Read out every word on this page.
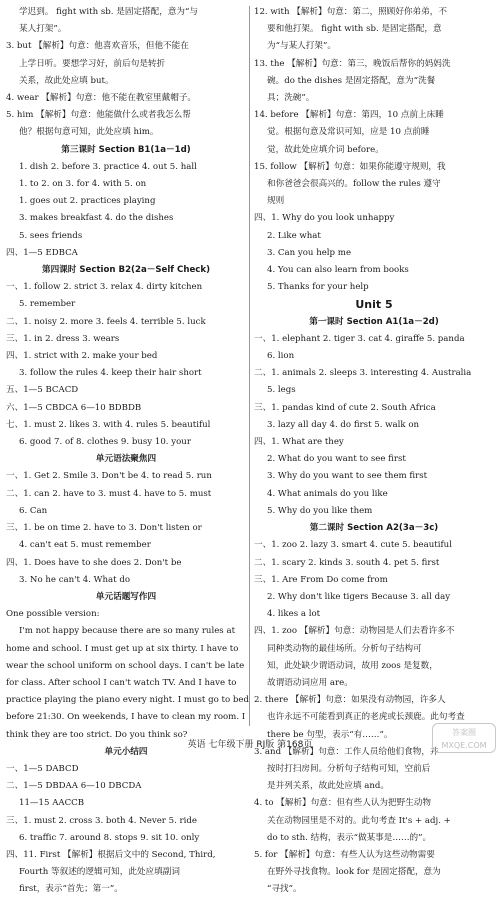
学迟到。 fight with sb. 是固定搭配，意为“与
某人打架”。
3. but 【解析】句意：他喜欢音乐，但他不能在
上学日听。要想学习好，前后句是转折
关系，故此处应填 but。
4. wear 【解析】句意：他不能在教室里戴帽子。
5. him 【解析】句意：他能做什么或者我怎么帮
他？根据句意可知，此处应填 him。
第三课时 Section B1(1a－1d)
1. dish 2. before 3. practice 4. out 5. hall
1. to 2. on 3. for 4. with 5. on
1. goes out 2. practices playing
3. makes breakfast 4. do the dishes
5. sees friends
四、1—5 EDBCA
第四课时 Section B2(2a－Self Check)
一、1. follow 2. strict 3. relax 4. dirty kitchen
5. remember
二、1. noisy 2. more 3. feels 4. terrible 5. luck
三、1. in 2. dress 3. wears
四、1. strict with 2. make your bed
3. follow the rules 4. keep their hair short
五、1—5 BCACD
六、1—5 CBDCA 6—10 BDBDB
七、1. must 2. likes 3. with 4. rules 5. beautiful
6. good 7. of 8. clothes 9. busy 10. your
单元语法聚焦四
一、1. Get 2. Smile 3. Don't be 4. to read 5. run
二、1. can 2. have to 3. must 4. have to 5. must
6. Can
三、1. be on time 2. have to 3. Don't listen or
4. can't eat 5. must remember
四、1. Does have to she does 2. Don't be
3. No he can't 4. What do
单元话题写作四
One possible version:
I'm not happy because there are so many rules at
home and school. I must get up at six thirty. I have to
wear the school uniform on school days. I can't be late
for class. After school I can't watch TV. And I have to
practice playing the piano every night. I must go to bed
before 21:30. On weekends, I have to clean my room. I
think they are too strict. Do you think so?
单元小结四
一、1—5 DABCD
二、1—5 DBDAA 6—10 DBCDA
11—15 AACCB
三、1. must 2. cross 3. both 4. Never 5. ride
6. traffic 7. around 8. stops 9. sit 10. only
四、11. First 【解析】根据后文中的 Second, Third,
Fourth 等叙述的逻辑可知，此处应填副词
first，表示“首先；第一”。
12. with 【解析】句意：第二，照顾好你弟弟，不
要和他打架。 fight with sb. 是固定搭配，意
为“与某人打架”。
13. the 【解析】句意：第三，晚饭后帮你的妈妈洗
碗。do the dishes 是固定搭配，意为“洗餐
具；洗碗”。
14. before 【解析】句意：第四，10 点前上床睡
觉。根据句意及常识可知，应是 10 点前睡
觉，故此处应填介词 before。
15. follow 【解析】句意：如果你能遵守规则，我
和你爸爸会很高兴的。follow the rules 遵守
规则
四、1. Why do you look unhappy
2. Like what
3. Can you help me
4. You can also learn from books
5. Thanks for your help
Unit 5
第一课时 Section A1(1a－2d)
一、1. elephant 2. tiger 3. cat 4. giraffe 5. panda
6. lion
二、1. animals 2. sleeps 3. interesting 4. Australia
5. legs
三、1. pandas kind of cute 2. South Africa
3. lazy all day 4. do first 5. walk on
四、1. What are they
2. What do you want to see first
3. Why do you want to see them first
4. What animals do you like
5. Why do you like them
第二课时 Section A2(3a－3c)
一、1. zoo 2. lazy 3. smart 4. cute 5. beautiful
二、1. scary 2. kinds 3. south 4. pet 5. first
三、1. Are From Do come from
2. Why don't like tigers Because 3. all day
4. likes a lot
四、1. zoo 【解析】句意：动物园是人们去看许多不
同种类动物的最佳场所。分析句子结构可
知，此处缺少谓语动词，故用 zoos 是复数，
故谓语动词应用 are。
2. there 【解析】句意：如果没有动物园，许多人
也许永远不可能看到真正的老虎或长颈鹿。此句考查
there be 句型，表示“有……”。
3. and 【解析】句意：工作人员给他们食物，并
按时打扫房间。分析句子结构可知，空前后
是并列关系，故此处应填 and。
4. to 【解析】句意：但有些人认为把野生动物
关在动物园里是不对的。此句考查 It's + adj. +
do to sth. 结构，表示“做某事是……的”。
5. for 【解析】句意：有些人认为这些动物需要
在野外寻找食物。look for 是固定搭配，意为
“寻找”。
英语 七年级下册 RJ版 第168页
答案圈 MXQE.COM
